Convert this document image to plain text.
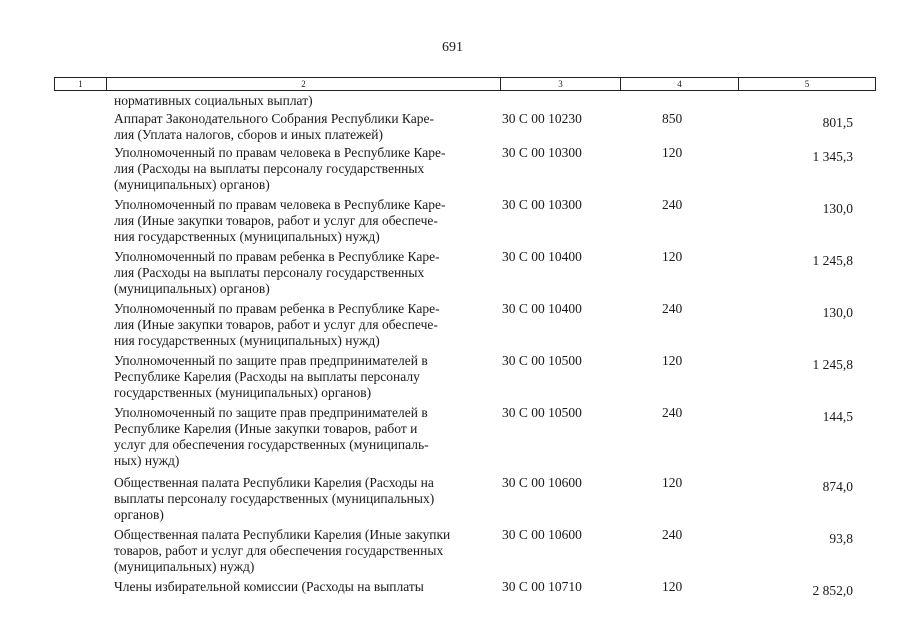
691
1	2	3	4	5
нормативных социальных выплат)
Аппарат Законодательного Собрания Республики Каре-
лия (Уплата налогов, сборов и иных платежей)
30 С 00 10230	850	801,5
Уполномоченный по правам человека в Республике Каре-
лия (Расходы на выплаты персоналу государственных
(муниципальных) органов)
30 С 00 10300	120	1 345,3
Уполномоченный по правам человека в Республике Каре-
лия (Иные закупки товаров, работ и услуг для обеспече-
ния государственных (муниципальных) нужд)
30 С 00 10300	240	130,0
Уполномоченный по правам ребенка в Республике Каре-
лия (Расходы на выплаты персоналу государственных
(муниципальных) органов)
30 С 00 10400	120	1 245,8
Уполномоченный по правам ребенка в Республике Каре-
лия (Иные закупки товаров, работ и услуг для обеспече-
ния государственных (муниципальных) нужд)
30 С 00 10400	240	130,0
Уполномоченный по защите прав предпринимателей в
Республике Карелия (Расходы на выплаты персоналу
государственных (муниципальных) органов)
30 С 00 10500	120	1 245,8
Уполномоченный по защите прав предпринимателей в
Республике Карелия (Иные закупки товаров, работ и
услуг для обеспечения государственных (муниципаль-
ных) нужд)
30 С 00 10500	240	144,5
Общественная палата Республики Карелия (Расходы на
выплаты персоналу государственных (муниципальных)
органов)
30 С 00 10600	120	874,0
Общественная палата Республики Карелия (Иные закупки
товаров, работ и услуг для обеспечения государственных
(муниципальных) нужд)
30 С 00 10600	240	93,8
Члены избирательной комиссии (Расходы на выплаты	30 С 00 10710	120	2 852,0
